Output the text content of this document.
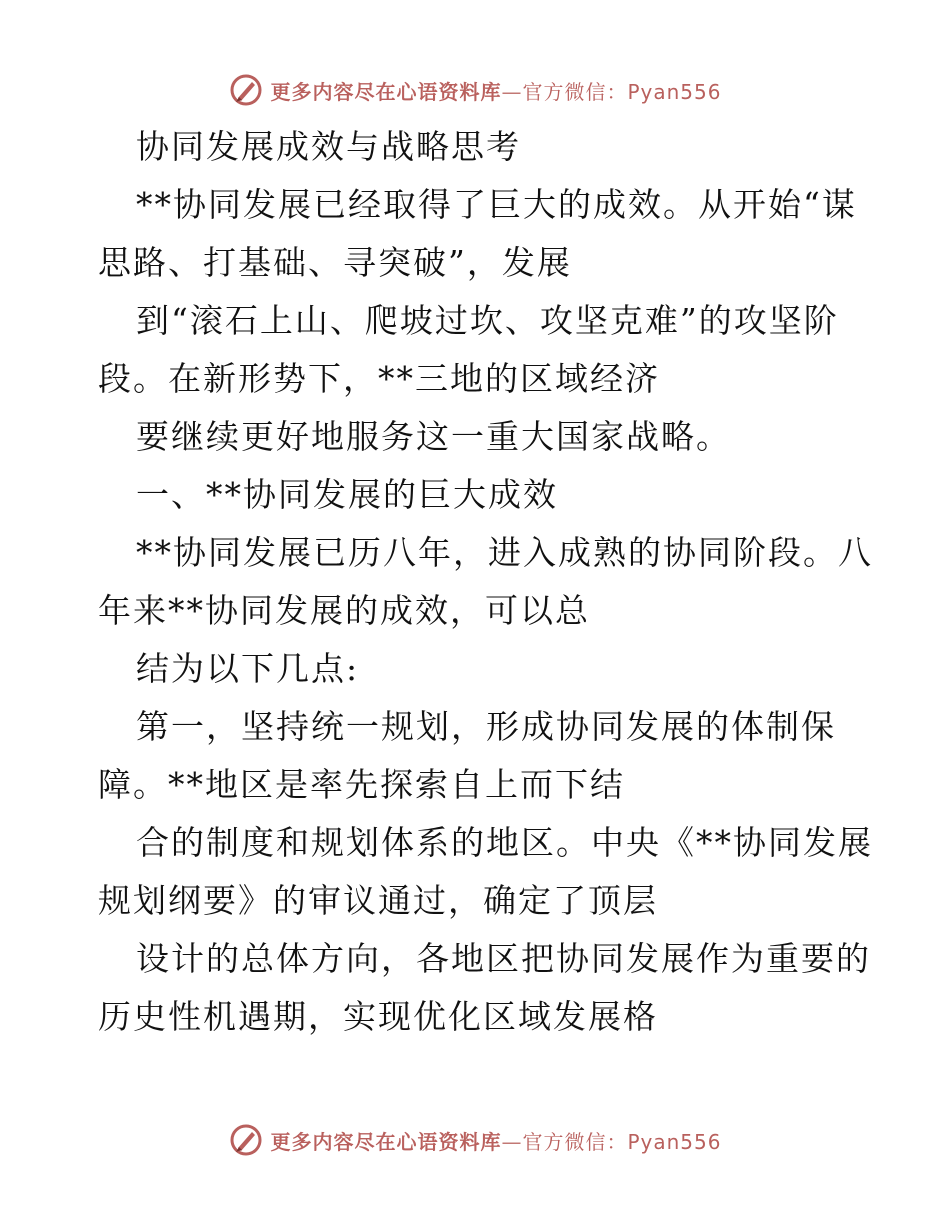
更多内容尽在心语资料库—官方微信：Pyan556

协同发展成效与战略思考

**协同发展已经取得了巨大的成效。从开始“谋

思路、打基础、寻突破”，发展

到“滚石上山、爬坡过坎、攻坚克难”的攻坚阶

段。在新形势下，**三地的区域经济

要继续更好地服务这一重大国家战略。

一、**协同发展的巨大成效

**协同发展已历八年，进入成熟的协同阶段。八

年来**协同发展的成效，可以总

结为以下几点:

第一，坚持统一规划，形成协同发展的体制保

障。**地区是率先探索自上而下结

合的制度和规划体系的地区。中央《**协同发展

规划纲要》的审议通过，确定了顶层

设计的总体方向，各地区把协同发展作为重要的

历史性机遇期，实现优化区域发展格

更多内容尽在心语资料库—官方微信：Pyan556
